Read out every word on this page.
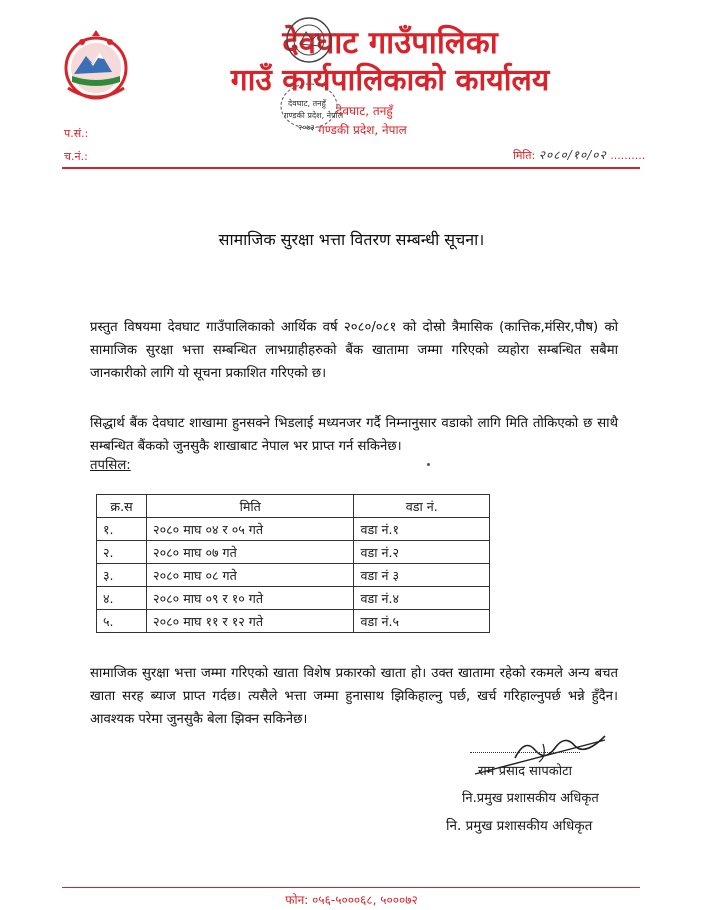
देवघाट गाउँपालिका
गाउँ कार्यपालिकाको कार्यालय
देवघाट, तनहुँ
गण्डकी प्रदेश, नेपाल
२०७३
देवघाट, तनहुँ
गण्डकी प्रदेश, नेपाल
प.सं.:
च.नं.:	मिति: २०८०/१०/०२ ..........
सामाजिक सुरक्षा भत्ता वितरण सम्बन्धी सूचना।
प्रस्तुत विषयमा देवघाट गाउँपालिकाको आर्थिक वर्ष २०८०/०८१ को दोस्रो त्रैमासिक (कात्तिक,मंसिर,पौष) को सामाजिक सुरक्षा भत्ता सम्बन्धित लाभग्राहीहरुको बैंक खातामा जम्मा गरिएको व्यहोरा सम्बन्धित सबैमा जानकारीको लागि यो सूचना प्रकाशित गरिएको छ।
सिद्धार्थ बैंक देवघाट शाखामा हुनसक्ने भिडलाई मध्यनजर गर्दै निम्नानुसार वडाको लागि मिति तोकिएको छ साथै सम्बन्धित बैंकको जुनसुकै शाखाबाट नेपाल भर प्राप्त गर्न सकिनेछ।
तपसिल:
क्र.स	मिति	वडा नं.
१.	२०८० माघ ०४ र ०५ गते	वडा नं.१
२.	२०८० माघ ०७ गते	वडा नं.२
३.	२०८० माघ ०८ गते	वडा नं ३
४.	२०८० माघ ०९ र १० गते	वडा नं.४
५.	२०८० माघ ११ र १२ गते	वडा नं.५
सामाजिक सुरक्षा भत्ता जम्मा गरिएको खाता विशेष प्रकारको खाता हो। उक्त खातामा रहेको रकमले अन्य बचत खाता सरह ब्याज प्राप्त गर्दछ। त्यसैले भत्ता जम्मा हुनासाथ झिकिहाल्नु पर्छ, खर्च गरिहाल्नुपर्छ भन्ने हुँदैन। आवश्यक परेमा जुनसुकै बेला झिक्न सकिनेछ।
राम प्रसाद सापकोटा
नि.प्रमुख प्रशासकीय अधिकृत
नि. प्रमुख प्रशासकीय अधिकृत
फोन: ०५६-५०००६८, ५०००७२
